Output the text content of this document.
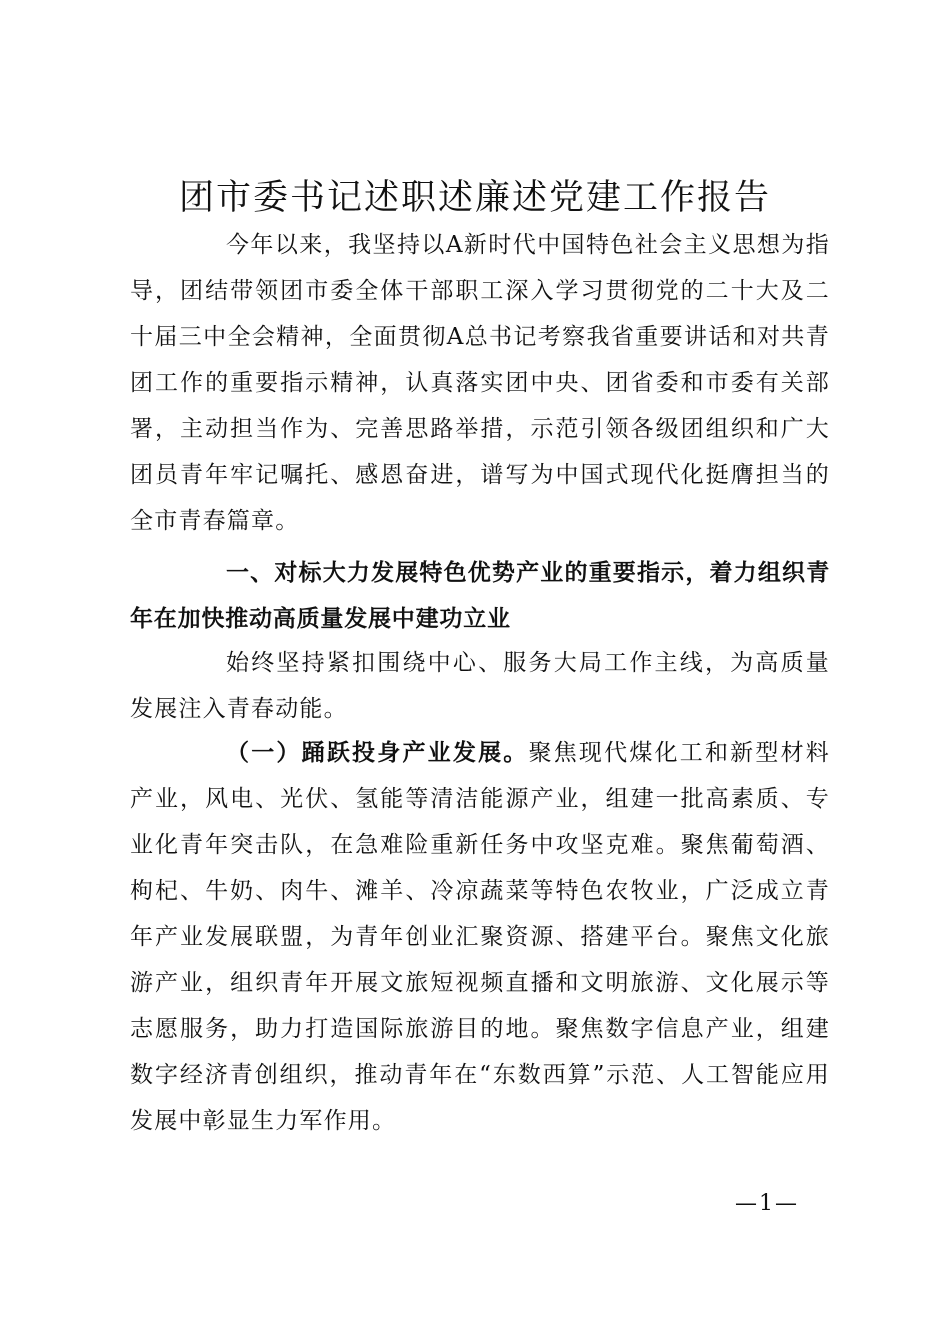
团市委书记述职述廉述党建工作报告

今年以来，我坚持以A新时代中国特色社会主义思想为指导，团结带领团市委全体干部职工深入学习贯彻党的二十大及二十届三中全会精神，全面贯彻A总书记考察我省重要讲话和对共青团工作的重要指示精神，认真落实团中央、团省委和市委有关部署，主动担当作为、完善思路举措，示范引领各级团组织和广大团员青年牢记嘱托、感恩奋进，谱写为中国式现代化挺膺担当的全市青春篇章。

一、对标大力发展特色优势产业的重要指示，着力组织青年在加快推动高质量发展中建功立业

始终坚持紧扣围绕中心、服务大局工作主线，为高质量发展注入青春动能。

（一）踊跃投身产业发展。聚焦现代煤化工和新型材料产业，风电、光伏、氢能等清洁能源产业，组建一批高素质、专业化青年突击队，在急难险重新任务中攻坚克难。聚焦葡萄酒、枸杞、牛奶、肉牛、滩羊、冷凉蔬菜等特色农牧业，广泛成立青年产业发展联盟，为青年创业汇聚资源、搭建平台。聚焦文化旅游产业，组织青年开展文旅短视频直播和文明旅游、文化展示等志愿服务，助力打造国际旅游目的地。聚焦数字信息产业，组建数字经济青创组织，推动青年在“东数西算”示范、人工智能应用发展中彰显生力军作用。

—1—
